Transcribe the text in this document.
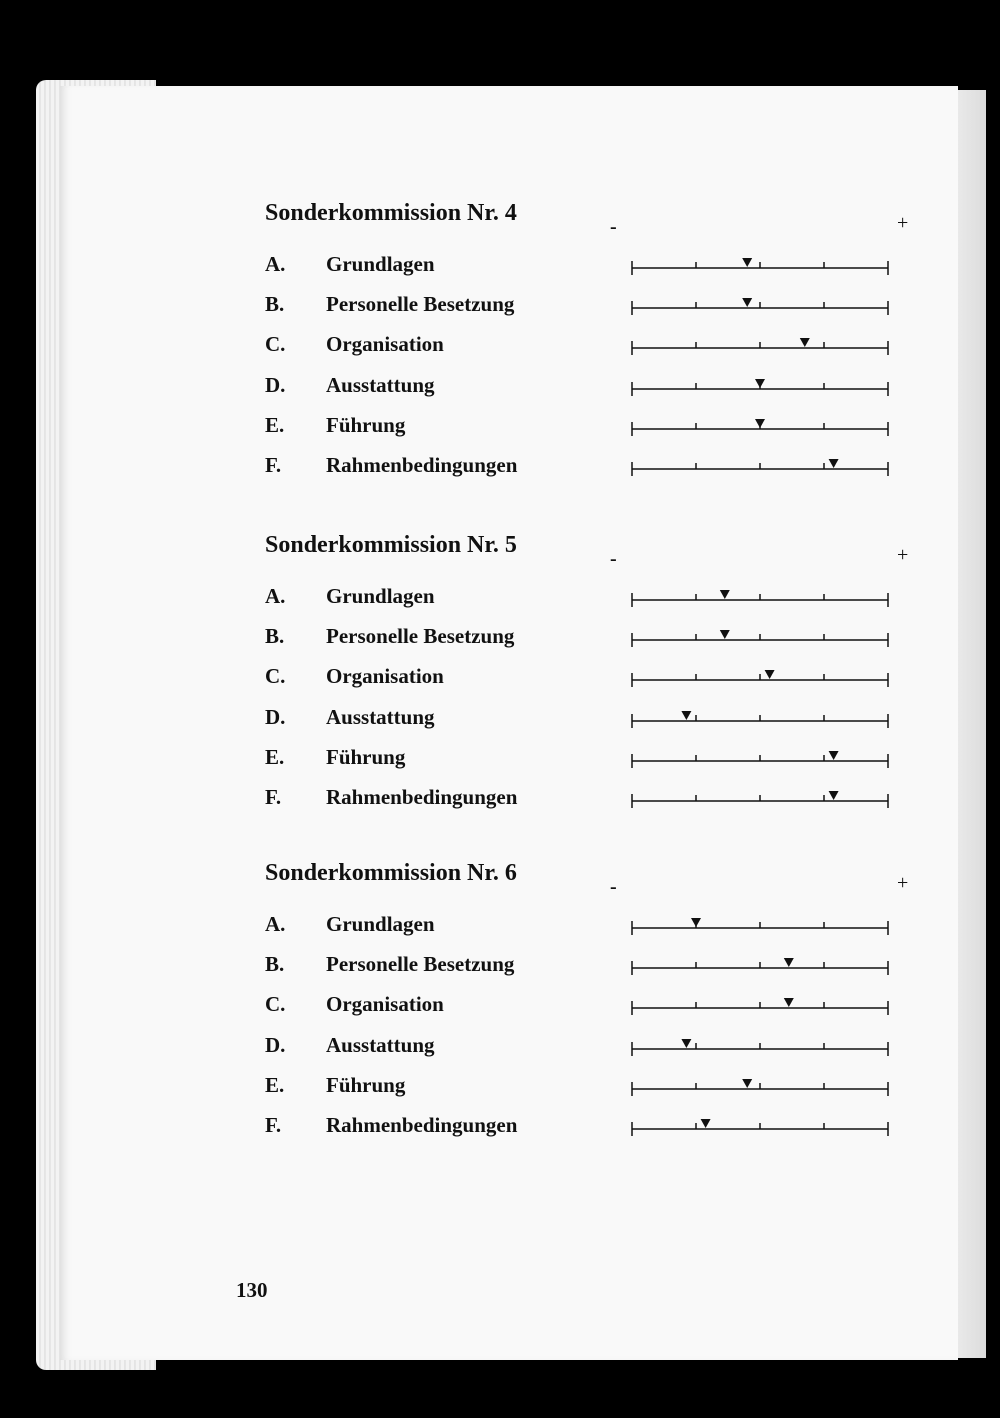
Sonderkommission Nr. 4
-	+
A. Grundlagen
B. Personelle Besetzung
C. Organisation
D. Ausstattung
E. Führung
F. Rahmenbedingungen
Sonderkommission Nr. 5
-	+
A. Grundlagen
B. Personelle Besetzung
C. Organisation
D. Ausstattung
E. Führung
F. Rahmenbedingungen
Sonderkommission Nr. 6
-	+
A. Grundlagen
B. Personelle Besetzung
C. Organisation
D. Ausstattung
E. Führung
F. Rahmenbedingungen
130
